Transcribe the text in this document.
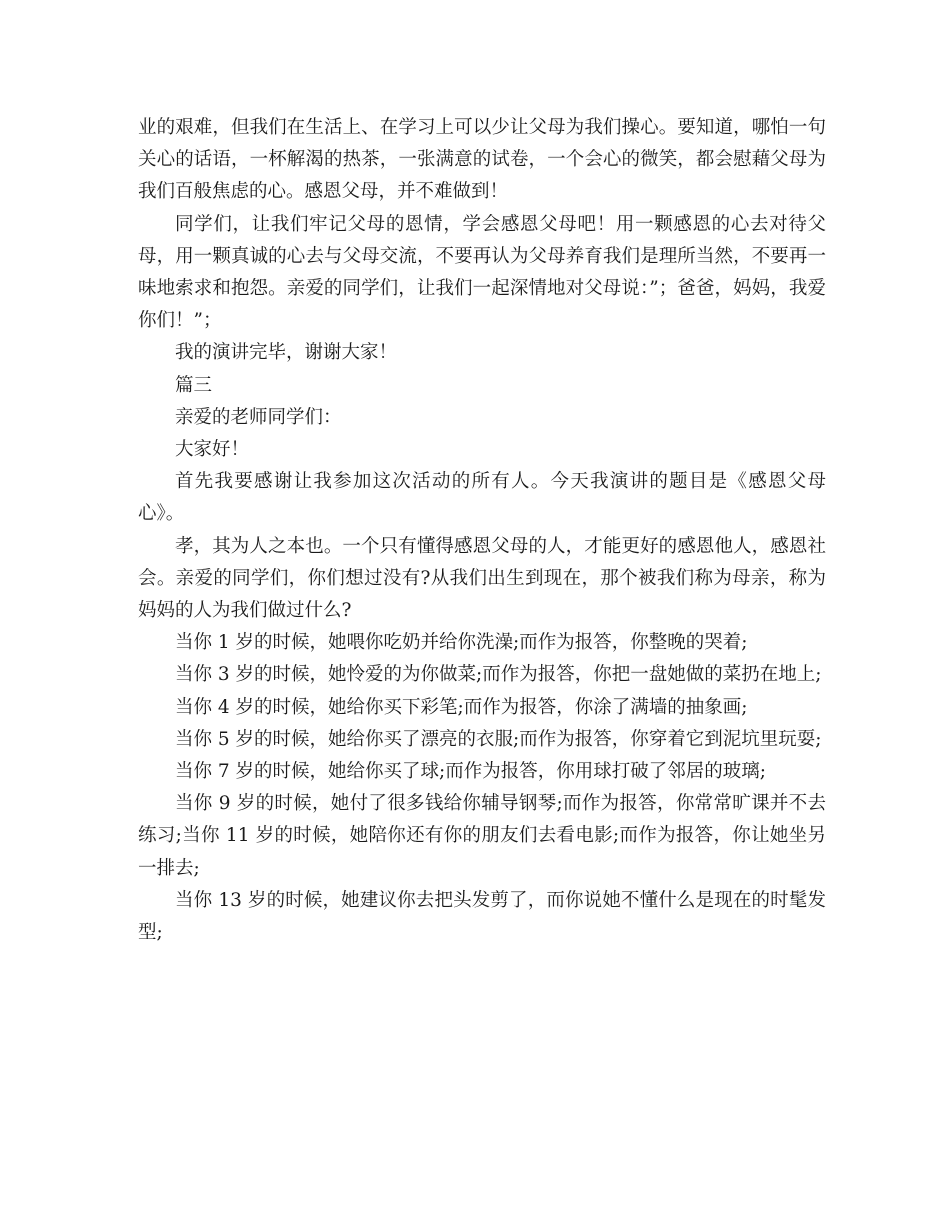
业的艰难，但我们在生活上、在学习上可以少让父母为我们操心。要知道，哪怕一句关心的话语，一杯解渴的热茶，一张满意的试卷，一个会心的微笑，都会慰藉父母为我们百般焦虑的心。感恩父母，并不难做到！

同学们，让我们牢记父母的恩情，学会感恩父母吧！用一颗感恩的心去对待父母，用一颗真诚的心去与父母交流，不要再认为父母养育我们是理所当然，不要再一味地索求和抱怨。亲爱的同学们，让我们一起深情地对父母说：”；爸爸，妈妈，我爱你们！”；

我的演讲完毕，谢谢大家！

篇三

亲爱的老师同学们：

大家好！

首先我要感谢让我参加这次活动的所有人。今天我演讲的题目是《感恩父母心》。

孝，其为人之本也。一个只有懂得感恩父母的人，才能更好的感恩他人，感恩社会。亲爱的同学们，你们想过没有?从我们出生到现在，那个被我们称为母亲，称为妈妈的人为我们做过什么?

当你 1 岁的时候，她喂你吃奶并给你洗澡;而作为报答，你整晚的哭着;

当你 3 岁的时候，她怜爱的为你做菜;而作为报答，你把一盘她做的菜扔在地上;

当你 4 岁的时候，她给你买下彩笔;而作为报答，你涂了满墙的抽象画;

当你 5 岁的时候，她给你买了漂亮的衣服;而作为报答，你穿着它到泥坑里玩耍;

当你 7 岁的时候，她给你买了球;而作为报答，你用球打破了邻居的玻璃;

当你 9 岁的时候，她付了很多钱给你辅导钢琴;而作为报答，你常常旷课并不去练习;当你 11 岁的时候，她陪你还有你的朋友们去看电影;而作为报答，你让她坐另一排去;

当你 13 岁的时候，她建议你去把头发剪了，而你说她不懂什么是现在的时髦发型;
